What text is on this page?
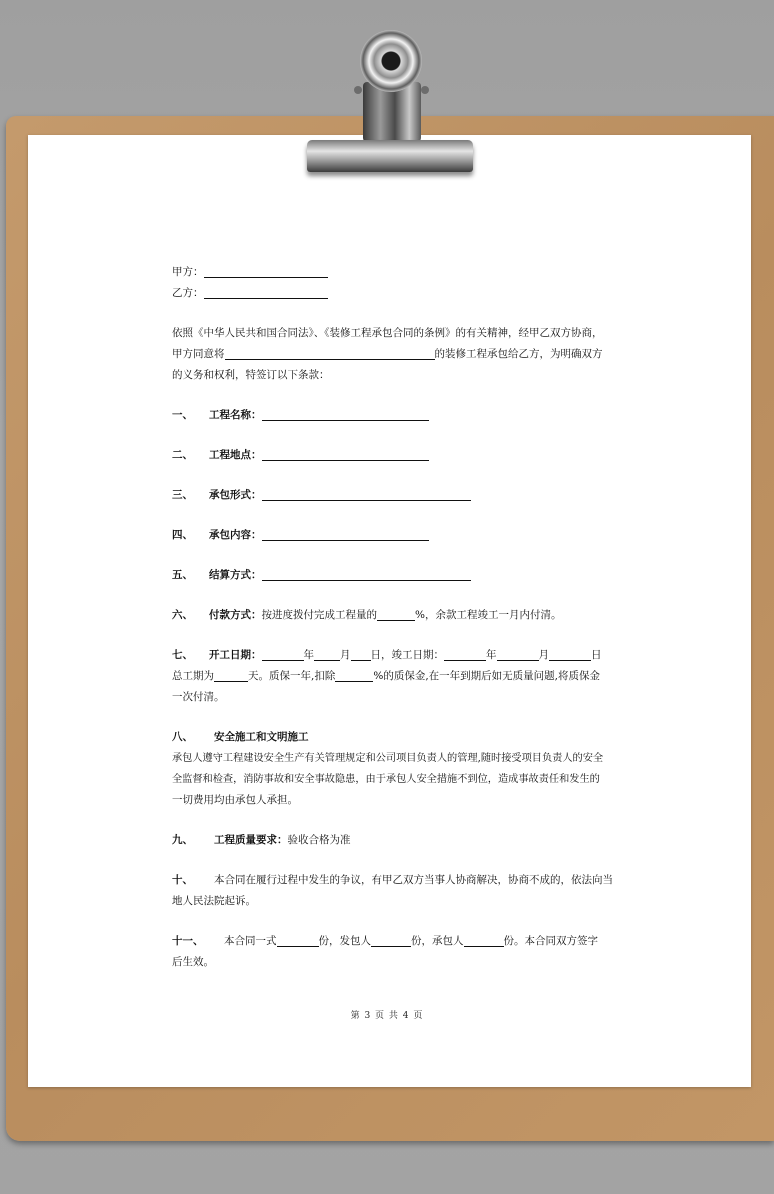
甲方：
乙方：
依照《中华人民共和国合同法》、《装修工程承包合同的条例》的有关精神，经甲乙双方协商，
甲方同意将	的装修工程承包给乙方，为明确双方
的义务和权利，特签订以下条款：
一、 工程名称：
二、 工程地点：
三、 承包形式：
四、 承包内容：
五、 结算方式：
六、 付款方式：按进度拨付完成工程量的	%，余款工程竣工一月内付清。
七、 开工日期：	年 月 日，竣工日期：	年	月	日
总工期为	天。质保一年,扣除	%的质保金,在一年到期后如无质量问题,将质保金
一次付清。
八、 安全施工和文明施工
承包人遵守工程建设安全生产有关管理规定和公司项目负责人的管理,随时接受项目负责人的安全
全监督和检查，消防事故和安全事故隐患，由于承包人安全措施不到位，造成事故责任和发生的
一切费用均由承包人承担。
九、 工程质量要求：验收合格为准
十、 本合同在履行过程中发生的争议，有甲乙双方当事人协商解决，协商不成的，依法向当
地人民法院起诉。
十一、 本合同一式	份，发包人	份，承包人	份。本合同双方签字
后生效。
第 3 页 共 4 页
